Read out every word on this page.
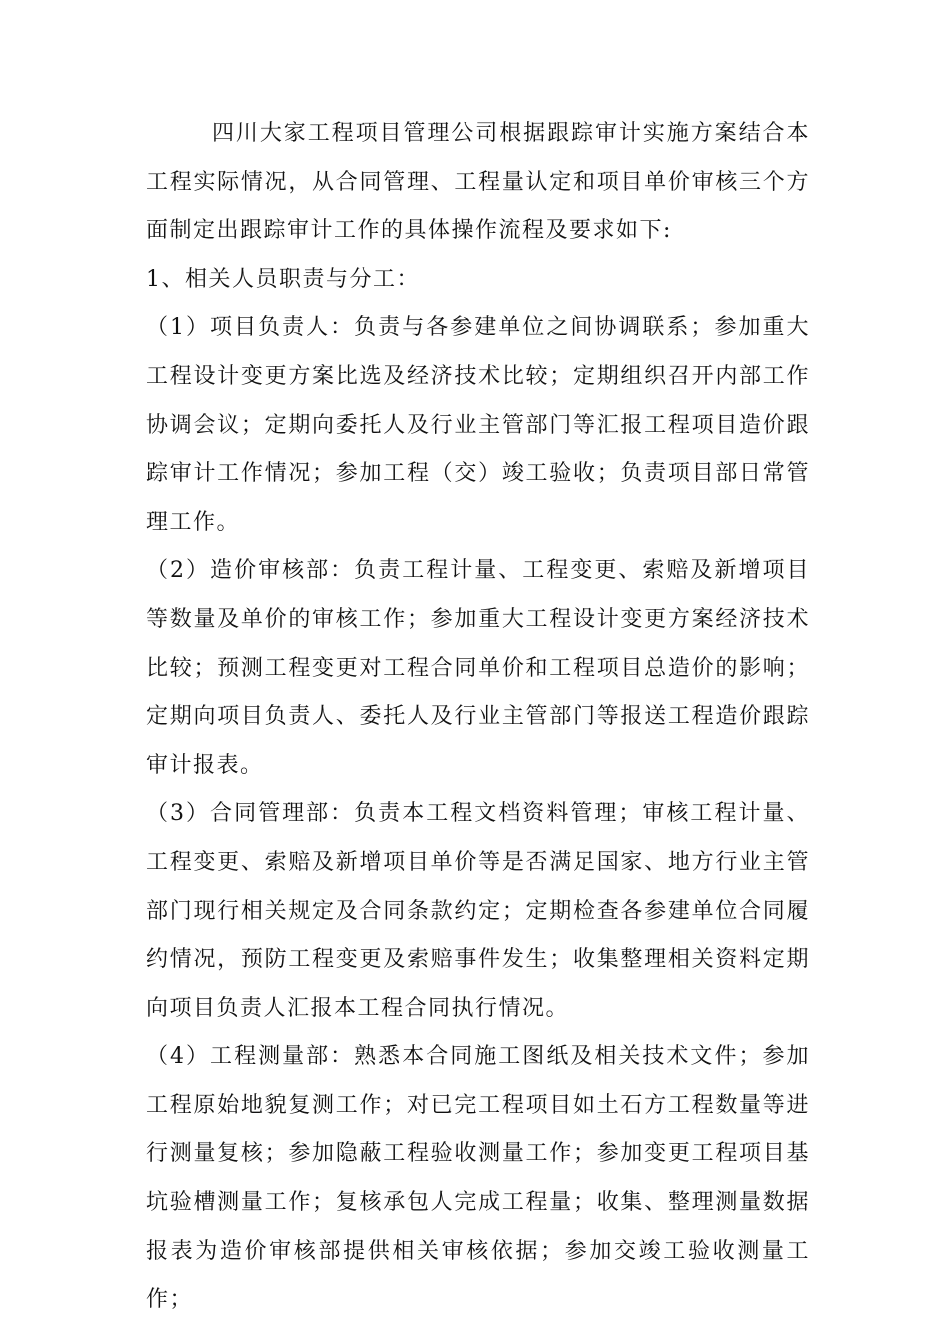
四川大家工程项目管理公司根据跟踪审计实施方案结合本工程实际情况，从合同管理、工程量认定和项目单价审核三个方面制定出跟踪审计工作的具体操作流程及要求如下:

1、相关人员职责与分工：

（1）项目负责人：负责与各参建单位之间协调联系；参加重大工程设计变更方案比选及经济技术比较；定期组织召开内部工作协调会议；定期向委托人及行业主管部门等汇报工程项目造价跟踪审计工作情况；参加工程（交）竣工验收；负责项目部日常管理工作。

（2）造价审核部：负责工程计量、工程变更、索赔及新增项目等数量及单价的审核工作；参加重大工程设计变更方案经济技术比较；预测工程变更对工程合同单价和工程项目总造价的影响；定期向项目负责人、委托人及行业主管部门等报送工程造价跟踪审计报表。

（3）合同管理部：负责本工程文档资料管理；审核工程计量、工程变更、索赔及新增项目单价等是否满足国家、地方行业主管部门现行相关规定及合同条款约定；定期检查各参建单位合同履约情况，预防工程变更及索赔事件发生；收集整理相关资料定期向项目负责人汇报本工程合同执行情况。

（4）工程测量部：熟悉本合同施工图纸及相关技术文件；参加工程原始地貌复测工作；对已完工程项目如土石方工程数量等进行测量复核；参加隐蔽工程验收测量工作；参加变更工程项目基坑验槽测量工作；复核承包人完成工程量；收集、整理测量数据报表为造价审核部提供相关审核依据；参加交竣工验收测量工作；
